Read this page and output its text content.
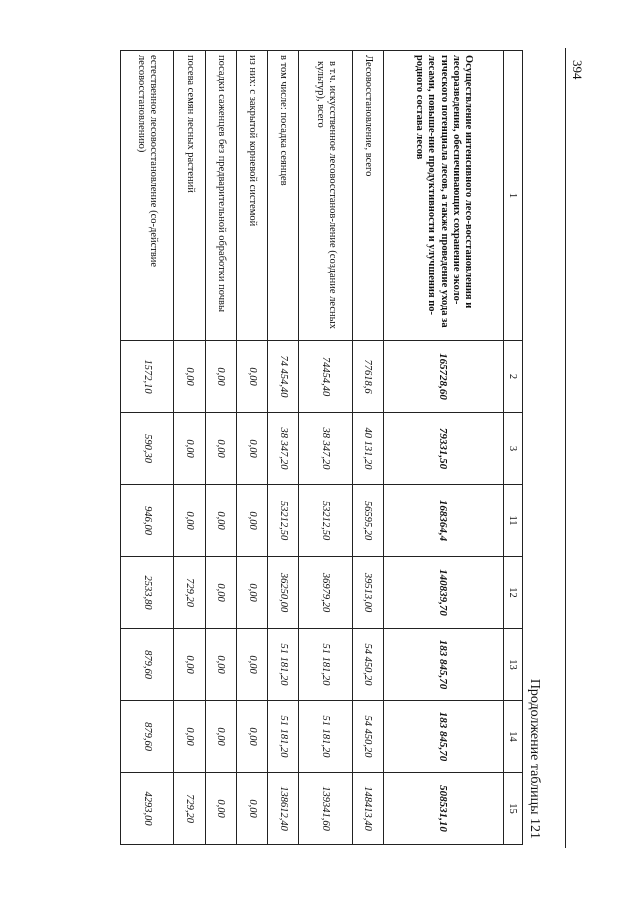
394
Продолжение таблицы 121
1	2	3	11	12	13	14	15
Осуществление интенсивного лесо-восстановления и лесоразведения, обеспечивающих сохранение эколо-гического потенциала лесов, а также проведение ухода за лесами, повыше-ние продуктивности и улучшения по-родного состава лесов	165728,60	79331,50	168364,4	140839,70	183 845,70	183 845,70	508531,10
Лесовосстановление, всего	77618,6	40 131,20	56595,20	39513,00	54 450,20	54 450,20	148413,40
в т.ч. искусственное лесовосстанов-ление (создание лесных культур), всего	74454,40	38 347,20	53212,50	36979,20	51 181,20	51 181,20	139341,60
в том числе: посадка сеянцев	74 454,40	38 347,20	53212,50	36250,00	51 181,20	51 181,20	138612,40
из них: с закрытой корневой системой	0,00	0,00	0,00	0,00	0,00	0,00	0,00
посадки саженцев без предварительной обработки почвы	0,00	0,00	0,00	0,00	0,00	0,00	0,00
посева семян лесных растений	0,00	0,00	0,00	729,20	0,00	0,00	729,20
естественное лесовосстановление (со-действие лесовосстановлению)	1572,10	590,30	946,00	2533,80	879,60	879,60	4293,00
